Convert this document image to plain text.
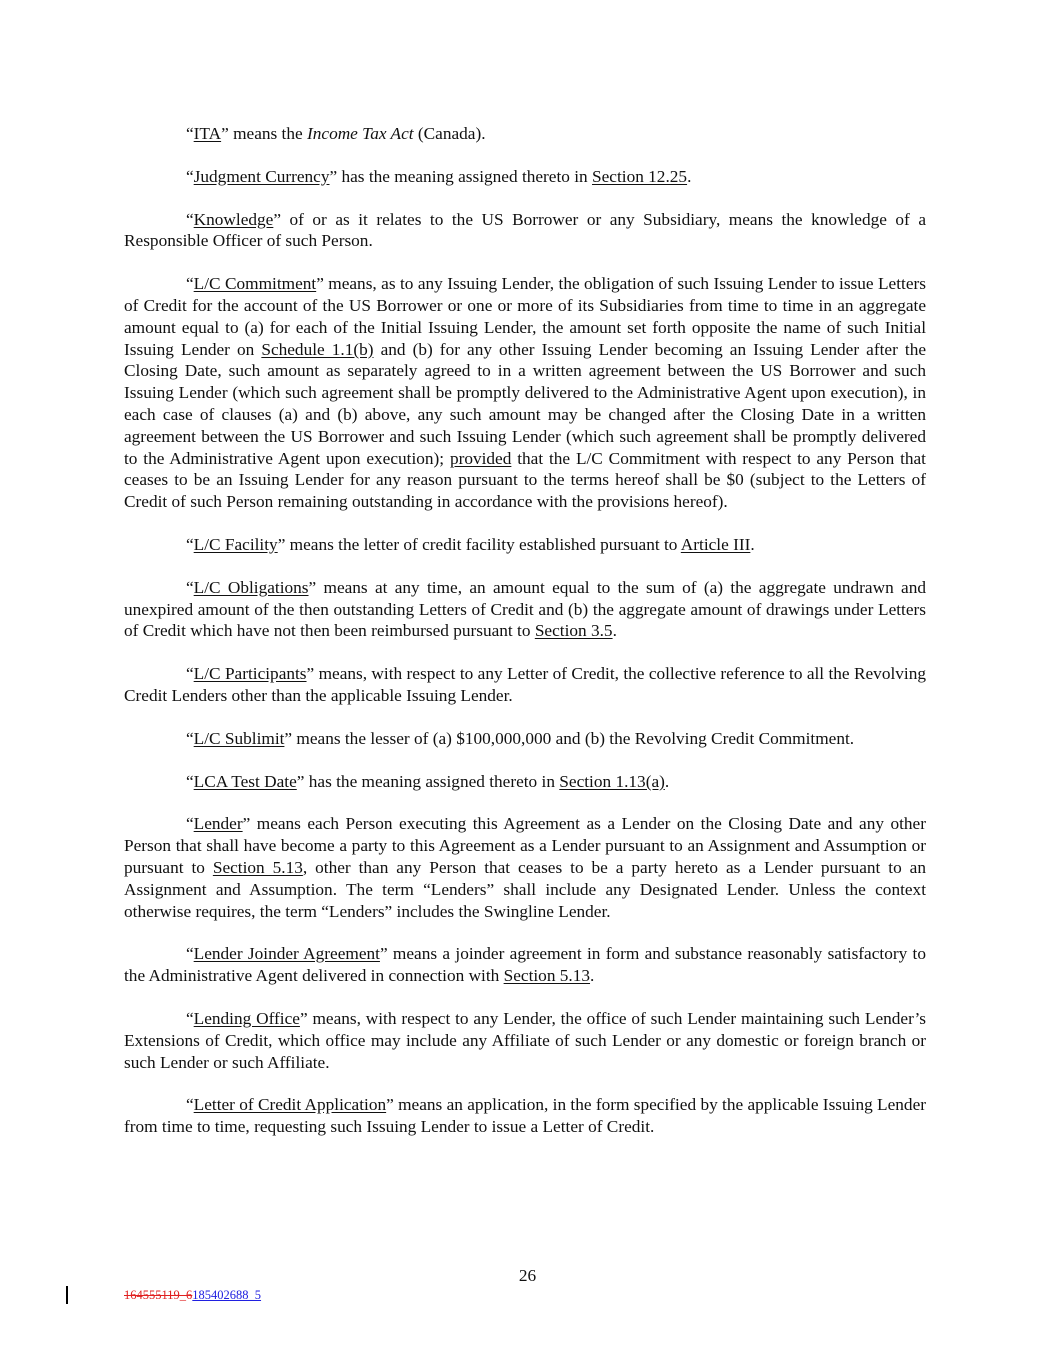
“ITA” means the Income Tax Act (Canada).

“Judgment Currency” has the meaning assigned thereto in Section 12.25.

“Knowledge” of or as it relates to the US Borrower or any Subsidiary, means the knowledge of a Responsible Officer of such Person.

“L/C Commitment” means, as to any Issuing Lender, the obligation of such Issuing Lender to issue Letters of Credit for the account of the US Borrower or one or more of its Subsidiaries from time to time in an aggregate amount equal to (a) for each of the Initial Issuing Lender, the amount set forth opposite the name of such Initial Issuing Lender on Schedule 1.1(b) and (b) for any other Issuing Lender becoming an Issuing Lender after the Closing Date, such amount as separately agreed to in a written agreement between the US Borrower and such Issuing Lender (which such agreement shall be promptly delivered to the Administrative Agent upon execution), in each case of clauses (a) and (b) above, any such amount may be changed after the Closing Date in a written agreement between the US Borrower and such Issuing Lender (which such agreement shall be promptly delivered to the Administrative Agent upon execution); provided that the L/C Commitment with respect to any Person that ceases to be an Issuing Lender for any reason pursuant to the terms hereof shall be $0 (subject to the Letters of Credit of such Person remaining outstanding in accordance with the provisions hereof).

“L/C Facility” means the letter of credit facility established pursuant to Article III.

“L/C Obligations” means at any time, an amount equal to the sum of (a) the aggregate undrawn and unexpired amount of the then outstanding Letters of Credit and (b) the aggregate amount of drawings under Letters of Credit which have not then been reimbursed pursuant to Section 3.5.

“L/C Participants” means, with respect to any Letter of Credit, the collective reference to all the Revolving Credit Lenders other than the applicable Issuing Lender.

“L/C Sublimit” means the lesser of (a) $100,000,000 and (b) the Revolving Credit Commitment.

“LCA Test Date” has the meaning assigned thereto in Section 1.13(a).

“Lender” means each Person executing this Agreement as a Lender on the Closing Date and any other Person that shall have become a party to this Agreement as a Lender pursuant to an Assignment and Assumption or pursuant to Section 5.13, other than any Person that ceases to be a party hereto as a Lender pursuant to an Assignment and Assumption. The term “Lenders” shall include any Designated Lender. Unless the context otherwise requires, the term “Lenders” includes the Swingline Lender.

“Lender Joinder Agreement” means a joinder agreement in form and substance reasonably satisfactory to the Administrative Agent delivered in connection with Section 5.13.

“Lending Office” means, with respect to any Lender, the office of such Lender maintaining such Lender’s Extensions of Credit, which office may include any Affiliate of such Lender or any domestic or foreign branch or such Lender or such Affiliate.

“Letter of Credit Application” means an application, in the form specified by the applicable Issuing Lender from time to time, requesting such Issuing Lender to issue a Letter of Credit.

26
164555119_6185402688_5
